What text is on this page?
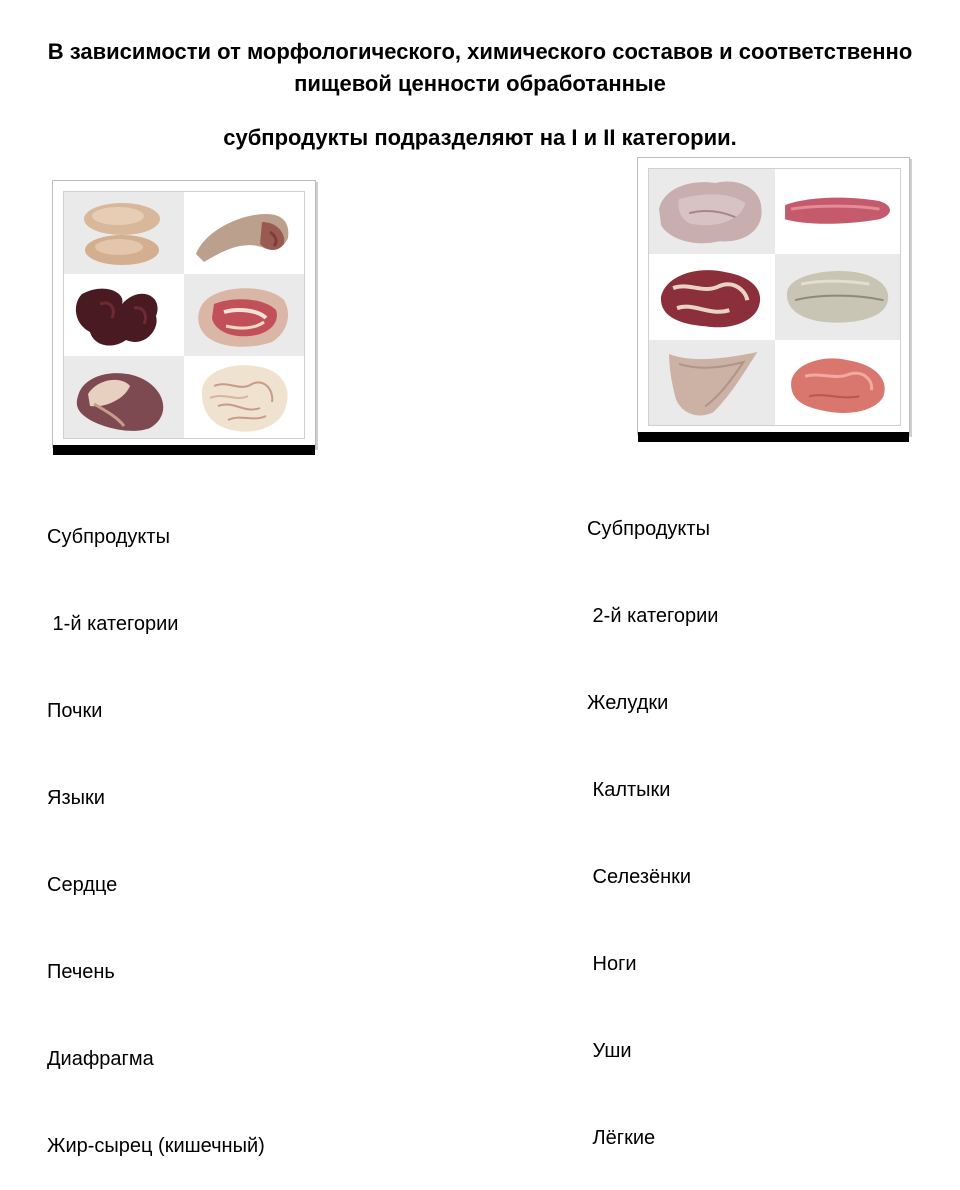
В зависимости от морфологического, химического составов и соответственно пищевой ценности обработанные
субпродукты подразделяют на I и II категории.

Субпродукты

1-й категории

Почки

Языки

Сердце

Печень

Диафрагма

Жир-сырец (кишечный)

Субпродукты

2-й категории

Желудки

Калтыки

Селезёнки

Ноги

Уши

Лёгкие
